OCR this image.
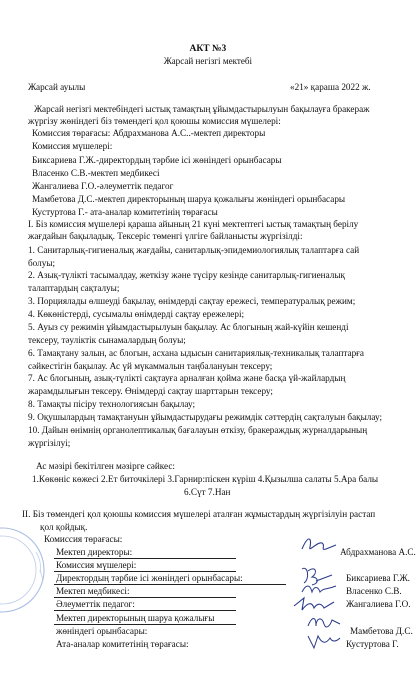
АКТ №3
Жарсай негізгі мектебі
Жарсай ауылы	«21» қараша 2022 ж.
Жарсай негізгі мектебіндегі ыстық тамақтың ұйымдастырылуын бақылауға бракераж
жүргізу жөніндегі біз төмендегі қол қоюшы комиссия мүшелері:
Комиссия төрағасы: Абдрахманова А.С..-мектеп директоры
Комиссия мүшелері:
Биксариева Г.Ж.-директордың тәрбие ісі жөніндегі орынбасары
Власенко С.В.-мектеп медбикесі
Жангалиева Г.О.-әлеуметтік педагог
Мамбетова Д.С.-мектеп директорының шаруа қожалығы жөніндегі орынбасары
Кустуртова Г.- ата-аналар комитетінің төрағасы
І. Біз комиссия мүшелері қараша айының 21 күні мектептегі ыстық тамақтың берілу
жағдайын бақыладық. Тексеріс төменгі үлгіге байланысты жүргізілді:
1. Санитарлық-гигиеналық жағдайы, санитарлық-эпидемиологиялық талаптарға сай
болуы;
2. Азық-түлікті тасымалдау, жеткізу және түсіру кезінде санитарлық-гигиеналық
талаптардың сақталуы;
3. Порциялады өлшеуді бақылау, өнімдерді сақтау ережесі, температуралық режим;
4. Көкөністерді, сусымалы өнімдерді сақтау ережелері;
5. Ауыз су режимін ұйымдастырылуын бақылау. Ас блогының жай-күйін кешенді
тексеру, тәуліктік сынамалардың болуы;
6. Тамақтану залын, ас блогын, асхана ыдысын санитариялық-техникалық талаптарға
сәйкестігін бақылау. Ас үй мүкаммалын таңбалануын тексеру;
7. Ас блогының, азық-түлікті сақтауға арналған қойма және басқа үй-жайлардың
жарамдылығын тексеру. Өнімдерді сақтау шарттарын тексеру;
8. Тамақты пісіру технологиясын бақылау;
9. Оқушылардың тамақтануын ұйымдастырудағы режимдік сәттердің сақталуын бақылау;
10. Дайын өнімнің органолептикалық бағалауын өткізу, бракераждық журналдарының
жүргізілуі;
Ас мәзірі бекітілген мәзірге сәйкес:
1.Көкөніс көжесі 2.Ет биточкілері 3.Гарнир:піскен күріш 4.Қызылша салаты 5.Ара балы
6.Сүт 7.Нан
ІІ. Біз төмендегі қол қоюшы комиссия мүшелері аталған жұмыстардың жүргізілуін растап
қол қойдық.
Комиссия төрағасы:
Мектеп директоры:	Абдрахманова А.С.
Комиссия мүшелері:
Директордың тәрбие ісі жөніндегі орынбасары:	Биксариева Г.Ж.
Мектеп медбикесі:	Власенко С.В.
Әлеуметтік педагог:	Жангалиева Г.О.
Мектеп директорының шаруа қожалығы
жөніндегі орынбасары:	Мамбетова Д.С.
Ата-аналар комитетінің төрағасы:	Кустуртова Г.
